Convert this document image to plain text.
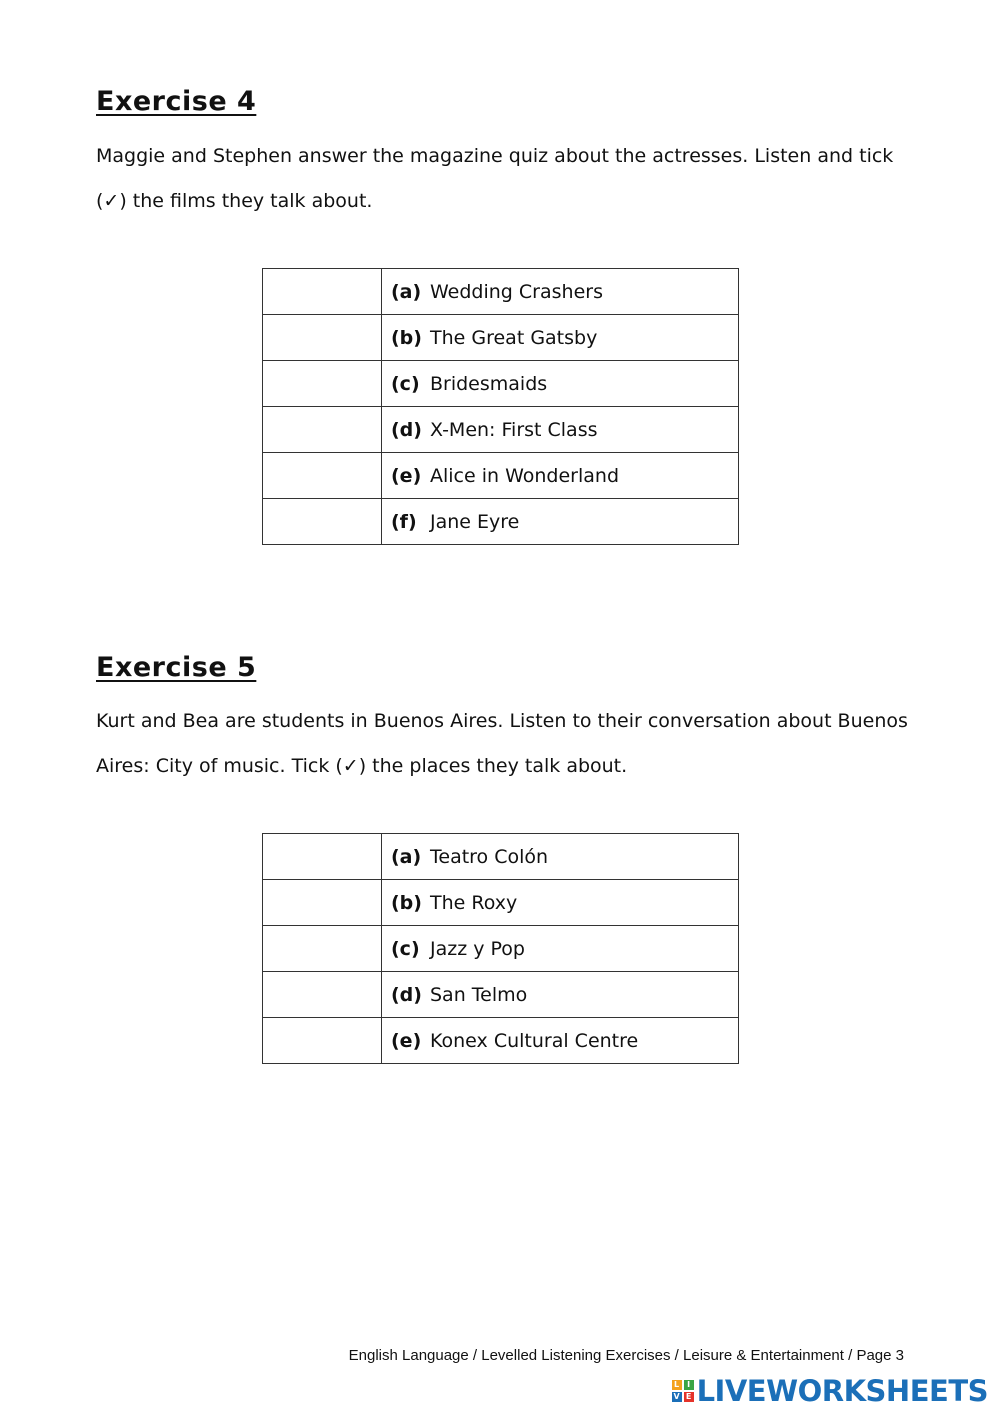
Exercise 4

Maggie and Stephen answer the magazine quiz about the actresses. Listen and tick (✓) the films they talk about.

	(a) Wedding Crashers
	(b) The Great Gatsby
	(c) Bridesmaids
	(d) X-Men: First Class
	(e) Alice in Wonderland
	(f) Jane Eyre
Exercise 5

Kurt and Bea are students in Buenos Aires. Listen to their conversation about Buenos Aires: City of music. Tick (✓) the places they talk about.

	(a) Teatro Colón
	(b) The Roxy
	(c) Jazz y Pop
	(d) San Telmo
	(e) Konex Cultural Centre
English Language / Levelled Listening Exercises / Leisure & Entertainment / Page 3
L I
V E LIVEWORKSHEETS
